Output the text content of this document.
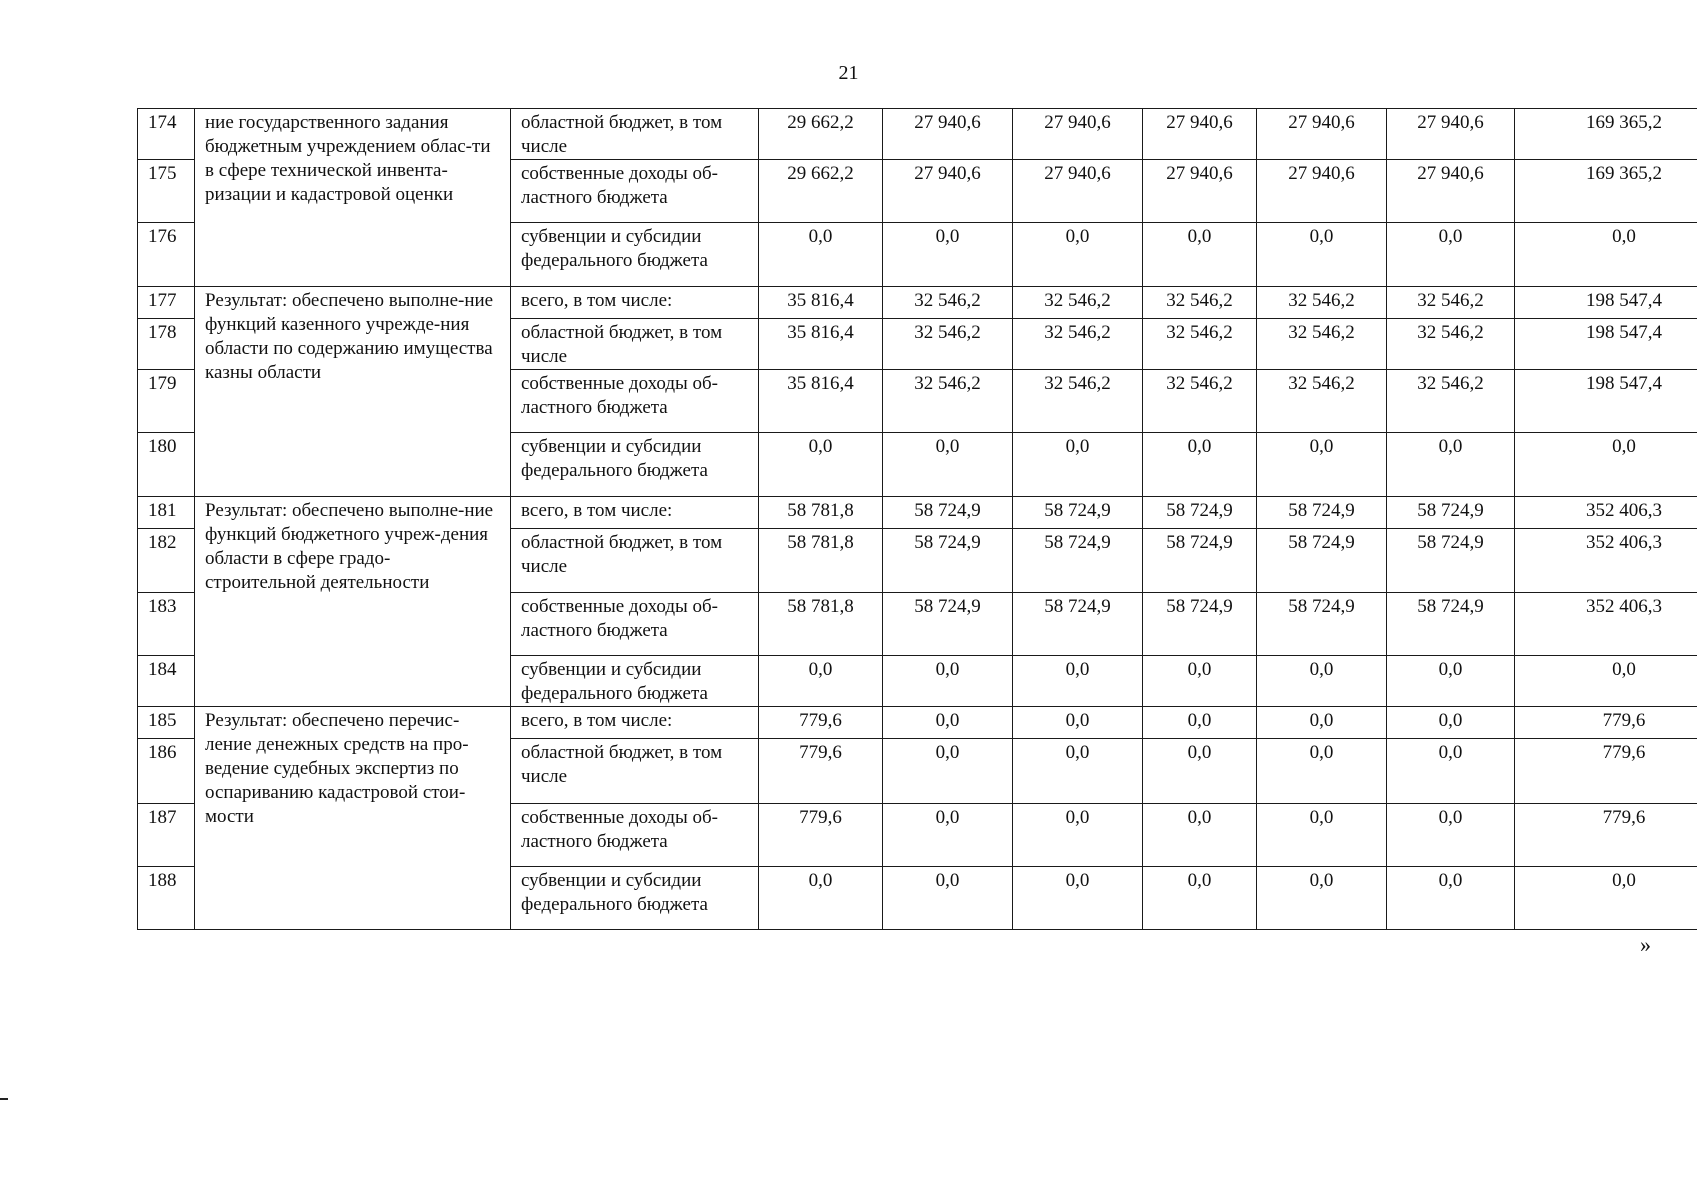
21
174	ние государственного задания бюджетным учреждением облас-ти в сфере технической инвента-ризации и кадастровой оценки	областной бюджет, в том числе	29 662,2	27 940,6	27 940,6	27 940,6	27 940,6	27 940,6	169 365,2
175		собственные доходы об-ластного бюджета	29 662,2	27 940,6	27 940,6	27 940,6	27 940,6	27 940,6	169 365,2
176		субвенции и субсидии федерального бюджета	0,0	0,0	0,0	0,0	0,0	0,0	0,0
177	Результат: обеспечено выполне-ние функций казенного учрежде-ния области по содержанию имущества казны области	всего, в том числе:	35 816,4	32 546,2	32 546,2	32 546,2	32 546,2	32 546,2	198 547,4
178		областной бюджет, в том числе	35 816,4	32 546,2	32 546,2	32 546,2	32 546,2	32 546,2	198 547,4
179		собственные доходы об-ластного бюджета	35 816,4	32 546,2	32 546,2	32 546,2	32 546,2	32 546,2	198 547,4
180		субвенции и субсидии федерального бюджета	0,0	0,0	0,0	0,0	0,0	0,0	0,0
181	Результат: обеспечено выполне-ние функций бюджетного учреж-дения области в сфере градо-строительной деятельности	всего, в том числе:	58 781,8	58 724,9	58 724,9	58 724,9	58 724,9	58 724,9	352 406,3
182		областной бюджет, в том числе	58 781,8	58 724,9	58 724,9	58 724,9	58 724,9	58 724,9	352 406,3
183		собственные доходы об-ластного бюджета	58 781,8	58 724,9	58 724,9	58 724,9	58 724,9	58 724,9	352 406,3
184		субвенции и субсидии федерального бюджета	0,0	0,0	0,0	0,0	0,0	0,0	0,0
185	Результат: обеспечено перечис-ление денежных средств на про-ведение судебных экспертиз по оспариванию кадастровой стои-мости	всего, в том числе:	779,6	0,0	0,0	0,0	0,0	0,0	779,6
186		областной бюджет, в том числе	779,6	0,0	0,0	0,0	0,0	0,0	779,6
187		собственные доходы об-ластного бюджета	779,6	0,0	0,0	0,0	0,0	0,0	779,6
188		субвенции и субсидии федерального бюджета	0,0	0,0	0,0	0,0	0,0	0,0	0,0
»
